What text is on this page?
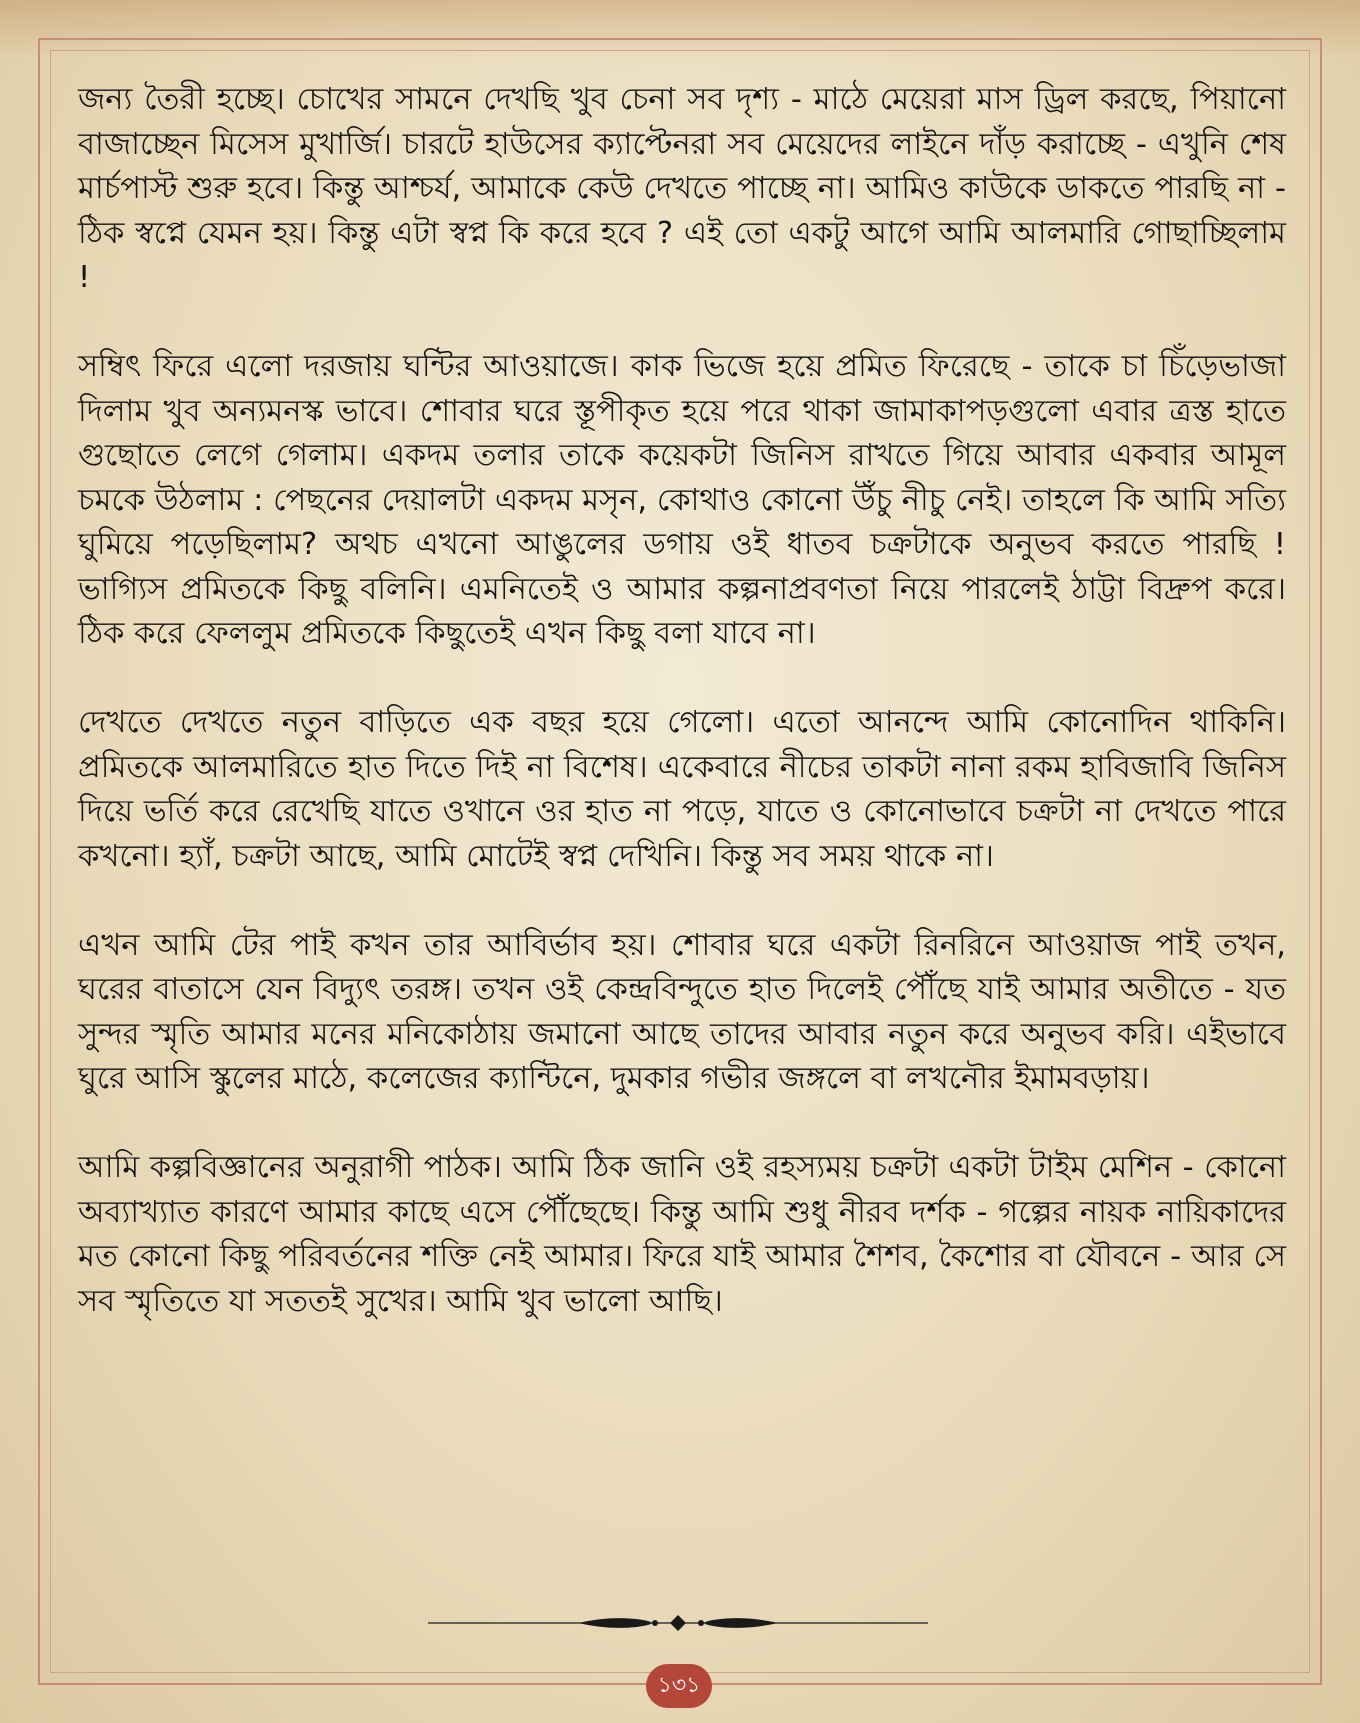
জন্য তৈরী হচ্ছে। চোখের সামনে দেখছি খুব চেনা সব দৃশ্য - মাঠে মেয়েরা মাস ড্রিল করছে, পিয়ানো বাজাচ্ছেন মিসেস মুখার্জি। চারটে হাউসের ক্যাপ্টেনরা সব মেয়েদের লাইনে দাঁড় করাচ্ছে - এখুনি শেষ মার্চপাস্ট শুরু হবে। কিন্তু আশ্চর্য, আমাকে কেউ দেখতে পাচ্ছে না। আমিও কাউকে ডাকতে পারছি না - ঠিক স্বপ্নে যেমন হয়। কিন্তু এটা স্বপ্ন কি করে হবে ? এই তো একটু আগে আমি আলমারি গোছাচ্ছিলাম !

সম্বিৎ ফিরে এলো দরজায় ঘন্টির আওয়াজে। কাক ভিজে হয়ে প্রমিত ফিরেছে - তাকে চা চিঁড়েভাজা দিলাম খুব অন্যমনস্ক ভাবে। শোবার ঘরে স্তূপীকৃত হয়ে পরে থাকা জামাকাপড়গুলো এবার ত্রস্ত হাতে গুছোতে লেগে গেলাম। একদম তলার তাকে কয়েকটা জিনিস রাখতে গিয়ে আবার একবার আমূল চমকে উঠলাম : পেছনের দেয়ালটা একদম মসৃন, কোথাও কোনো উঁচু নীচু নেই। তাহলে কি আমি সত্যি ঘুমিয়ে পড়েছিলাম? অথচ এখনো আঙুলের ডগায় ওই ধাতব চক্রটাকে অনুভব করতে পারছি ! ভাগ্যিস প্রমিতকে কিছু বলিনি। এমনিতেই ও আমার কল্পনাপ্রবণতা নিয়ে পারলেই ঠাট্টা বিদ্রুপ করে। ঠিক করে ফেললুম প্রমিতকে কিছুতেই এখন কিছু বলা যাবে না।

দেখতে দেখতে নতুন বাড়িতে এক বছর হয়ে গেলো। এতো আনন্দে আমি কোনোদিন থাকিনি। প্রমিতকে আলমারিতে হাত দিতে দিই না বিশেষ। একেবারে নীচের তাকটা নানা রকম হাবিজাবি জিনিস দিয়ে ভর্তি করে রেখেছি যাতে ওখানে ওর হাত না পড়ে, যাতে ও কোনোভাবে চক্রটা না দেখতে পারে কখনো। হ্যাঁ, চক্রটা আছে, আমি মোটেই স্বপ্ন দেখিনি। কিন্তু সব সময় থাকে না।

এখন আমি টের পাই কখন তার আবির্ভাব হয়। শোবার ঘরে একটা রিনরিনে আওয়াজ পাই তখন, ঘরের বাতাসে যেন বিদ্যুৎ তরঙ্গ। তখন ওই কেন্দ্রবিন্দুতে হাত দিলেই পৌঁছে যাই আমার অতীতে - যত সুন্দর স্মৃতি আমার মনের মনিকোঠায় জমানো আছে তাদের আবার নতুন করে অনুভব করি। এইভাবে ঘুরে আসি স্কুলের মাঠে, কলেজের ক্যান্টিনে, দুমকার গভীর জঙ্গলে বা লখনৌর ইমামবড়ায়।

আমি কল্পবিজ্ঞানের অনুরাগী পাঠক। আমি ঠিক জানি ওই রহস্যময় চক্রটা একটা টাইম মেশিন - কোনো অব্যাখ্যাত কারণে আমার কাছে এসে পৌঁছেছে। কিন্তু আমি শুধু নীরব দর্শক - গল্পের নায়ক নায়িকাদের মত কোনো কিছু পরিবর্তনের শক্তি নেই আমার। ফিরে যাই আমার শৈশব, কৈশোর বা যৌবনে - আর সে সব স্মৃতিতে যা সততই সুখের। আমি খুব ভালো আছি।

১৩১
